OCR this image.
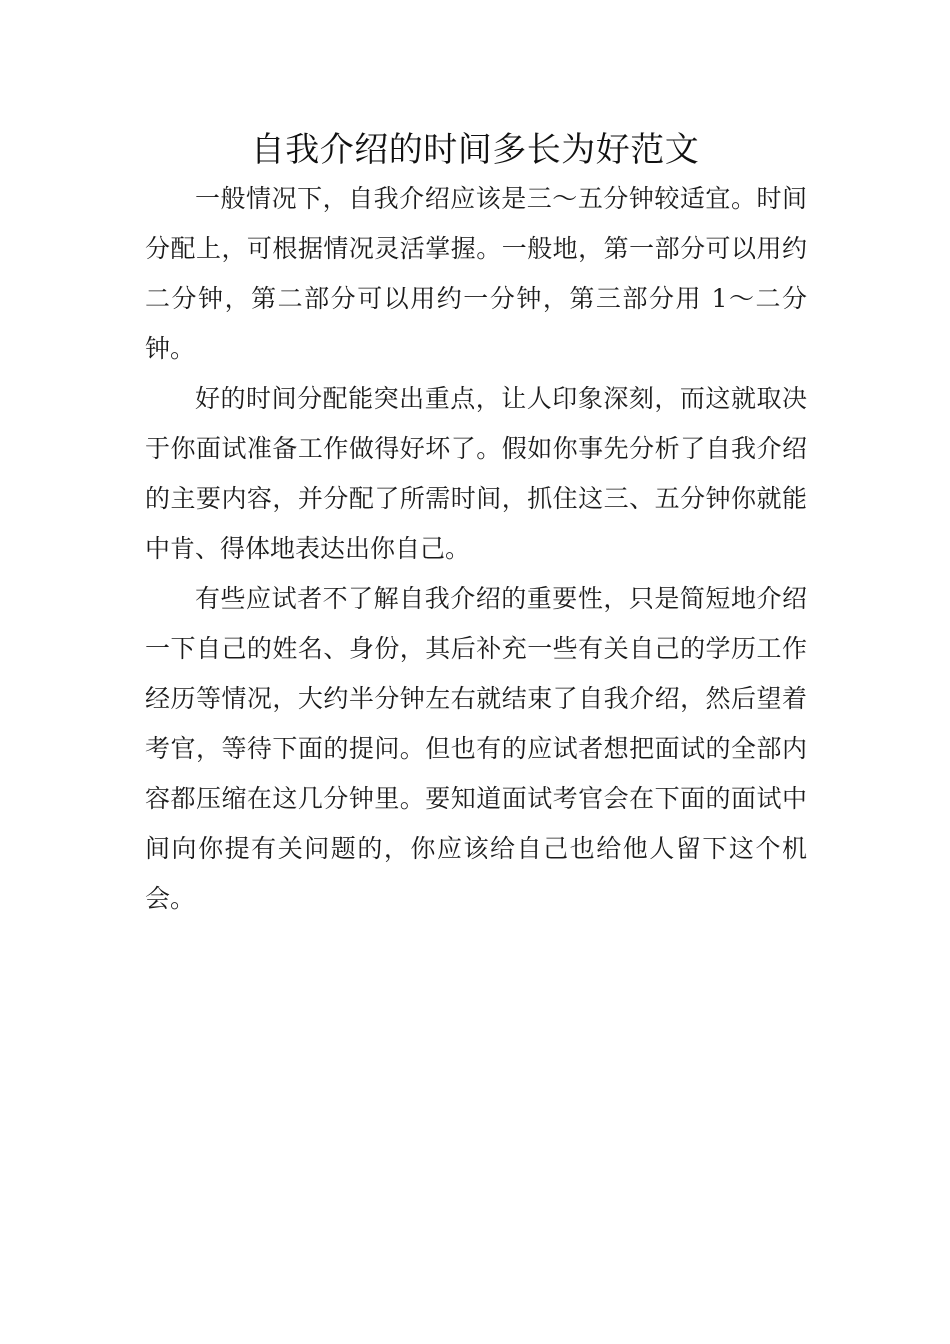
自我介绍的时间多长为好范文

一般情况下，自我介绍应该是三～五分钟较适宜。时间分配上，可根据情况灵活掌握。一般地，第一部分可以用约二分钟，第二部分可以用约一分钟，第三部分用 1～二分钟。

好的时间分配能突出重点，让人印象深刻，而这就取决于你面试准备工作做得好坏了。假如你事先分析了自我介绍的主要内容，并分配了所需时间，抓住这三、五分钟你就能中肯、得体地表达出你自己。

有些应试者不了解自我介绍的重要性，只是简短地介绍一下自己的姓名、身份，其后补充一些有关自己的学历工作经历等情况，大约半分钟左右就结束了自我介绍，然后望着考官，等待下面的提问。但也有的应试者想把面试的全部内容都压缩在这几分钟里。要知道面试考官会在下面的面试中间向你提有关问题的，你应该给自己也给他人留下这个机会。
